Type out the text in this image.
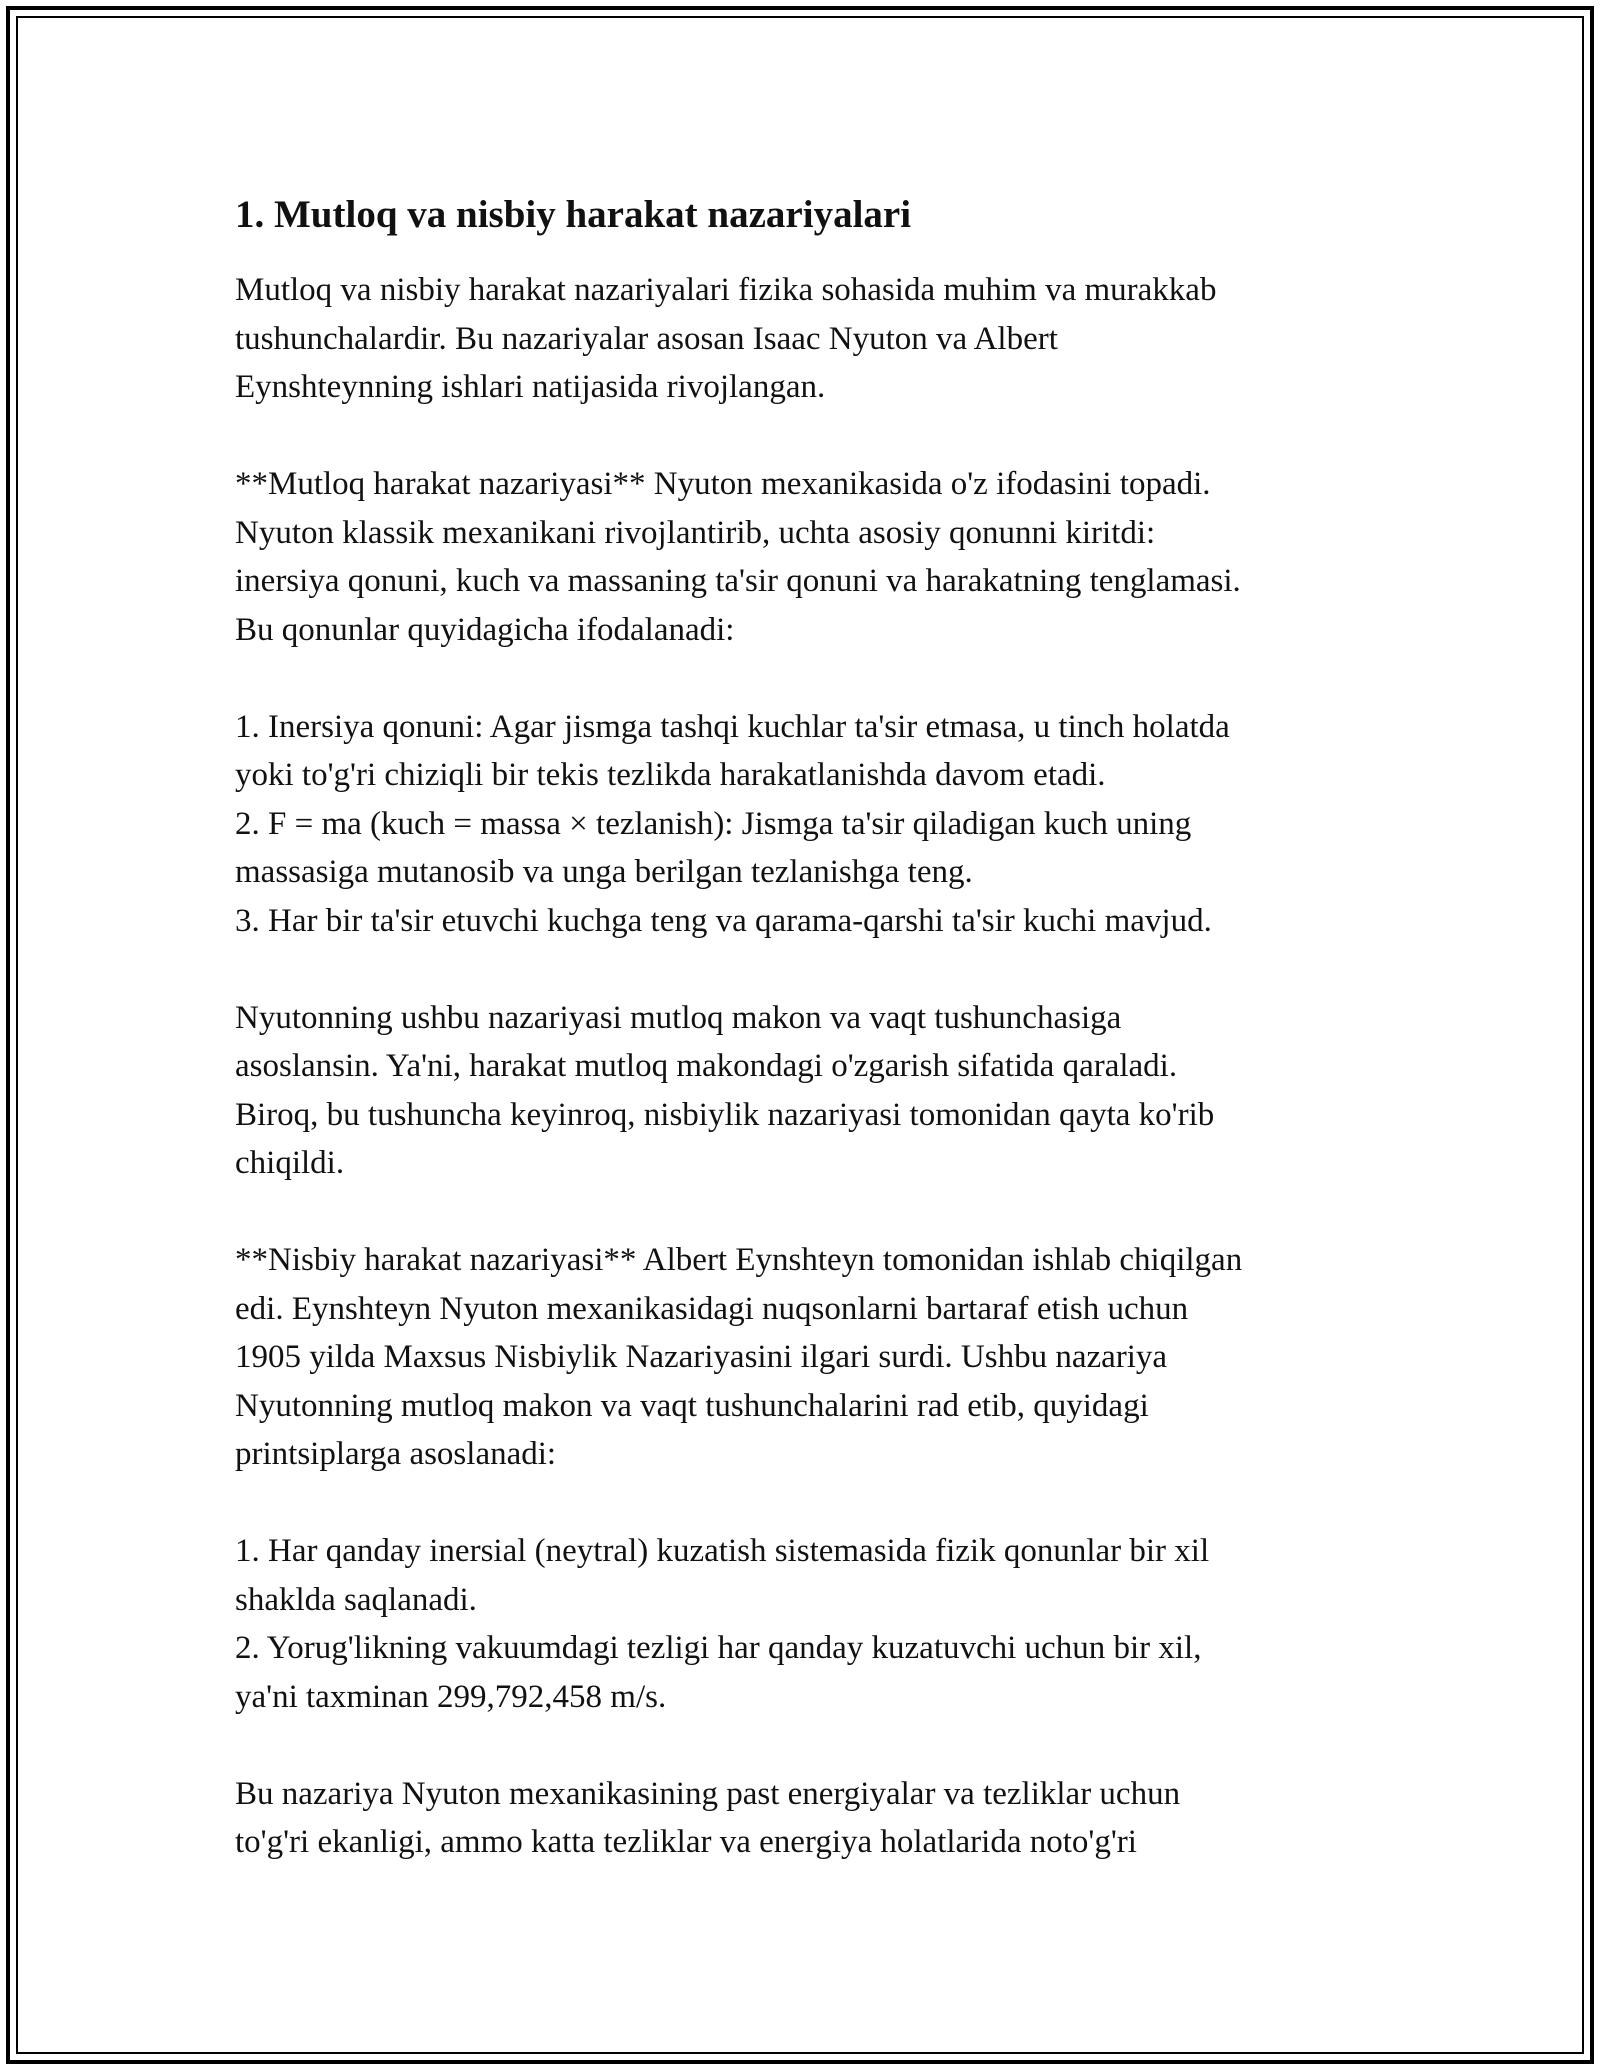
1. Mutloq va nisbiy harakat nazariyalari

Mutloq va nisbiy harakat nazariyalari fizika sohasida muhim va murakkab
tushunchalardir. Bu nazariyalar asosan Isaac Nyuton va Albert
Eynshteynning ishlari natijasida rivojlangan.

**Mutloq harakat nazariyasi** Nyuton mexanikasida o'z ifodasini topadi.
Nyuton klassik mexanikani rivojlantirib, uchta asosiy qonunni kiritdi:
inersiya qonuni, kuch va massaning ta'sir qonuni va harakatning tenglamasi.
Bu qonunlar quyidagicha ifodalanadi:

1. Inersiya qonuni: Agar jismga tashqi kuchlar ta'sir etmasa, u tinch holatda
yoki to'g'ri chiziqli bir tekis tezlikda harakatlanishda davom etadi.
2. F = ma (kuch = massa × tezlanish): Jismga ta'sir qiladigan kuch uning
massasiga mutanosib va unga berilgan tezlanishga teng.
3. Har bir ta'sir etuvchi kuchga teng va qarama-qarshi ta'sir kuchi mavjud.

Nyutonning ushbu nazariyasi mutloq makon va vaqt tushunchasiga
asoslansin. Ya'ni, harakat mutloq makondagi o'zgarish sifatida qaraladi.
Biroq, bu tushuncha keyinroq, nisbiylik nazariyasi tomonidan qayta ko'rib
chiqildi.

**Nisbiy harakat nazariyasi** Albert Eynshteyn tomonidan ishlab chiqilgan
edi. Eynshteyn Nyuton mexanikasidagi nuqsonlarni bartaraf etish uchun
1905 yilda Maxsus Nisbiylik Nazariyasini ilgari surdi. Ushbu nazariya
Nyutonning mutloq makon va vaqt tushunchalarini rad etib, quyidagi
printsiplarga asoslanadi:

1. Har qanday inersial (neytral) kuzatish sistemasida fizik qonunlar bir xil
shaklda saqlanadi.
2. Yorug'likning vakuumdagi tezligi har qanday kuzatuvchi uchun bir xil,
ya'ni taxminan 299,792,458 m/s.

Bu nazariya Nyuton mexanikasining past energiyalar va tezliklar uchun
to'g'ri ekanligi, ammo katta tezliklar va energiya holatlarida noto'g'ri
